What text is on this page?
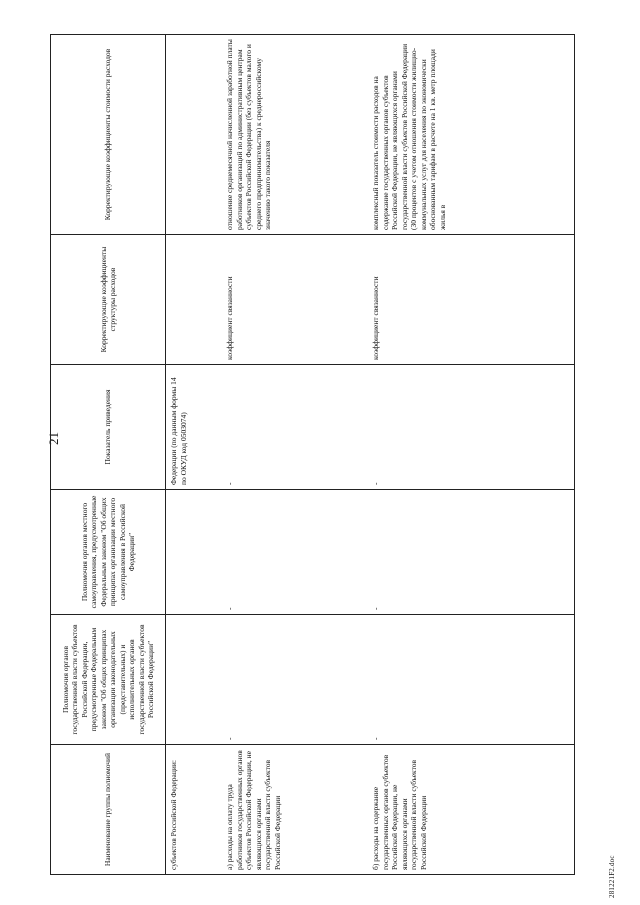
21
Наименование группы полномочий	Полномочия органов государственной власти субъектов Российской Федерации, предусмотренные Федеральным законом "Об общих принципах организации законодательных (представительных) и исполнительных органов государственной власти субъектов Российской Федерации"	Полномочия органов местного самоуправления, предусмотренные Федеральным законом "Об общих принципах организации местного самоуправления в Российской Федерации"	Показатель приведения	Корректирующие коэффициенты структуры расходов	Корректирующие коэффициенты стоимости расходов
субъектов Российской Федерации:			Федерации (по данным формы 14 по ОКУД код 0503074)		
а) расходы на оплату труда работников государственных органов субъектов Российской Федерации, не являющихся органами государственной власти субъектов Российской Федерации	-	-	-	коэффициент связанности	отношение среднемесячной начисленной заработной платы работников организаций по административным центрам субъектов Российской Федерации (без субъектов малого и среднего предпринимательства) к среднероссийскому значению такого показателя
б) расходы на содержание государственных органов субъектов Российской Федерации, не являющихся органами государственной власти субъектов Российской Федерации	-	-	-	коэффициент связанности	комплексный показатель стоимости расходов на содержание государственных органов субъектов Российской Федерации, не являющихся органами государственной власти субъектов Российской Федерации (30 процентов с учетом отношения стоимости жилищно-коммунальных услуг для населения по экономически обоснованным тарифам в расчете на 1 кв. метр площади жилья в
281221F2.doc
